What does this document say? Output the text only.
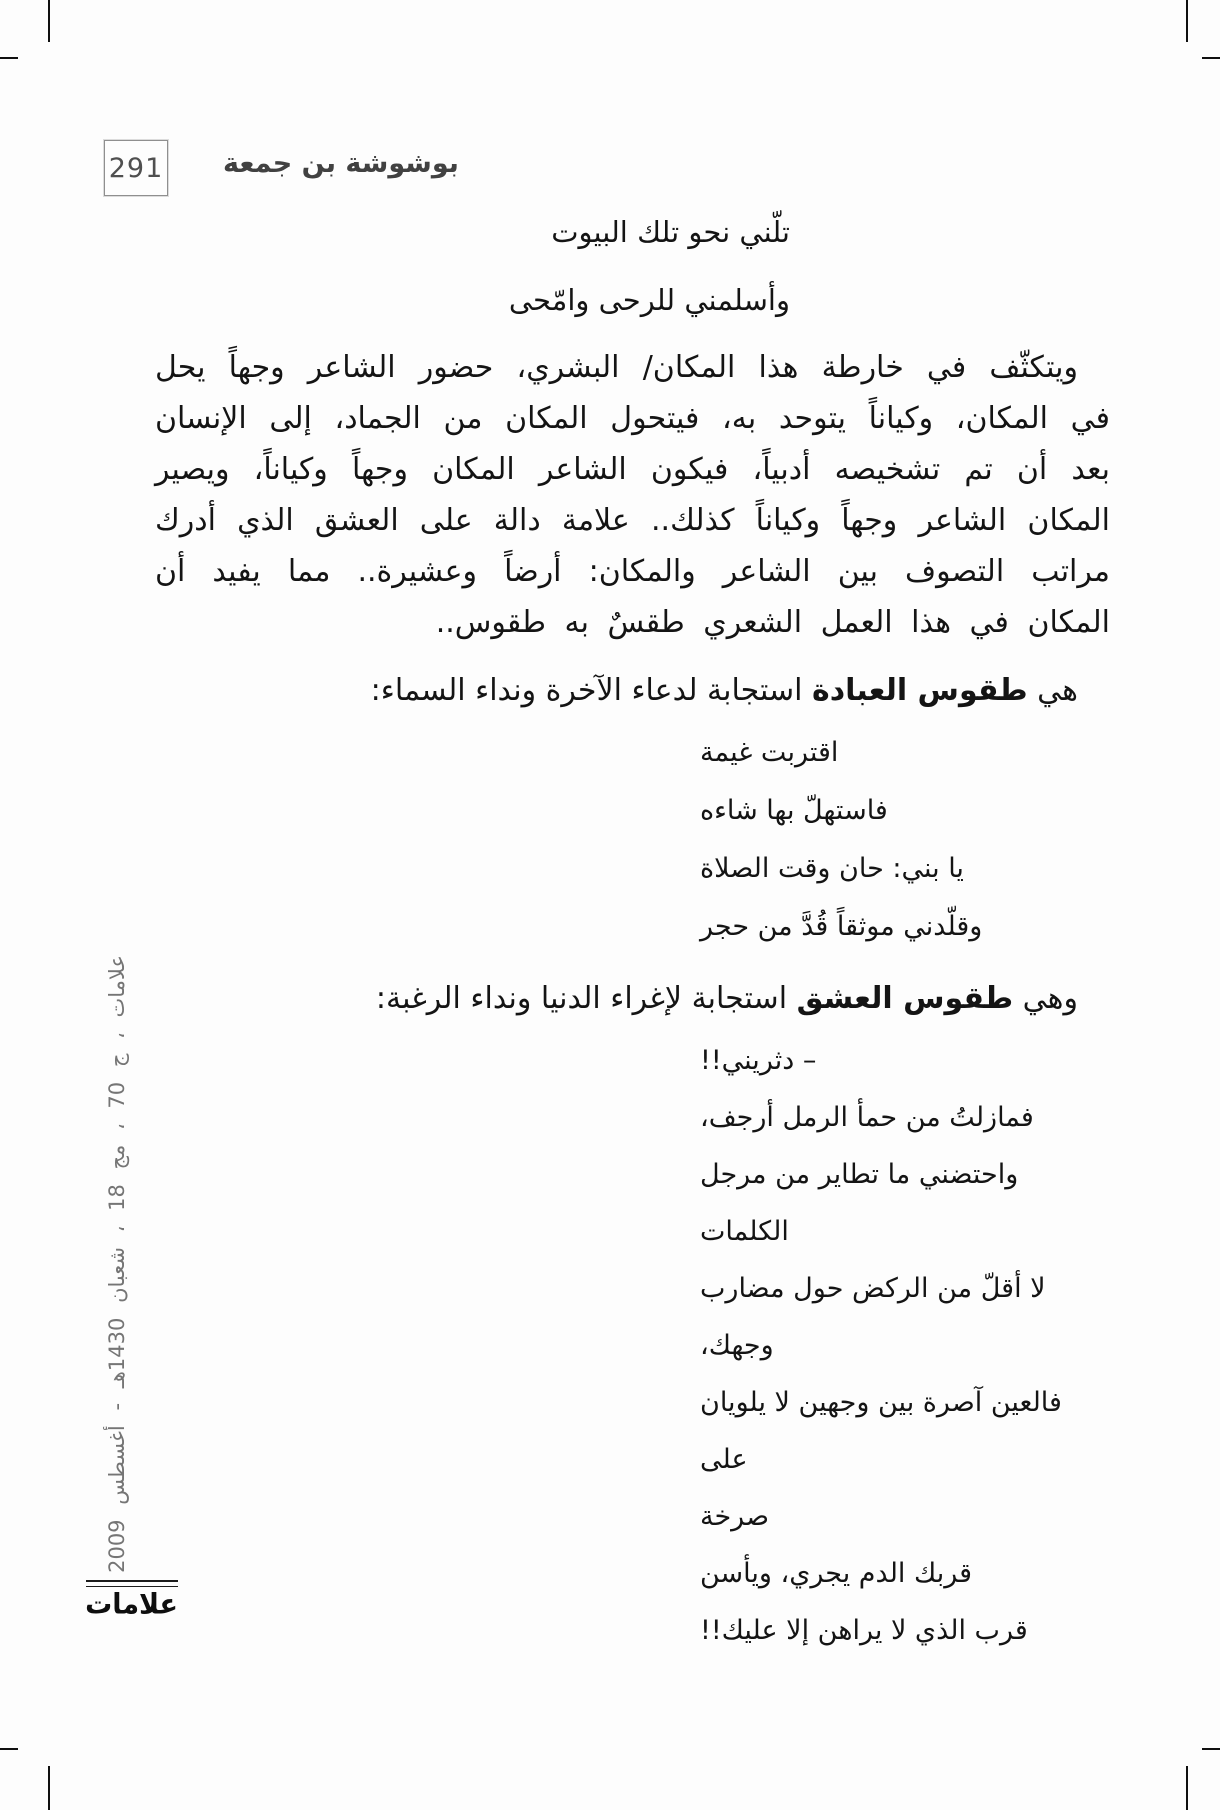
291 بوشوشة بن جمعة

تلّني نحو تلك البيوت

وأسلمني للرحى وامّحى

ويتكثّف في خارطة هذا المكان/ البشري، حضور الشاعر وجهاً يحل في المكان، وكياناً يتوحد به، فيتحول المكان من الجماد، إلى الإنسان بعد أن تم تشخيصه أدبياً، فيكون الشاعر المكان وجهاً وكياناً، ويصير المكان الشاعر وجهاً وكياناً كذلك.. علامة دالة على العشق الذي أدرك مراتب التصوف بين الشاعر والمكان: أرضاً وعشيرة.. مما يفيد أن المكان في هذا العمل الشعري طقسٌ به طقوس..

هي طقوس العبادة استجابة لدعاء الآخرة ونداء السماء:

اقتربت غيمة

فاستهلّ بها شاءه

يا بني: حان وقت الصلاة

وقلّدني موثقاً قُدَّ من حجر

وهي طقوس العشق استجابة لإغراء الدنيا ونداء الرغبة:

– دثريني!!

فمازلتُ من حمأ الرمل أرجف،

واحتضني ما تطاير من مرجل الكلمات

لا أقلّ من الركض حول مضارب وجهك،

فالعين آصرة بين وجهين لا يلويان على

صرخة

قربك الدم يجري، ويأسن

قرب الذي لا يراهن إلا عليك!!

علامات ، ج 70 ، مج 18 ، شعبان 1430هـ - أغسطس 2009
علامات
